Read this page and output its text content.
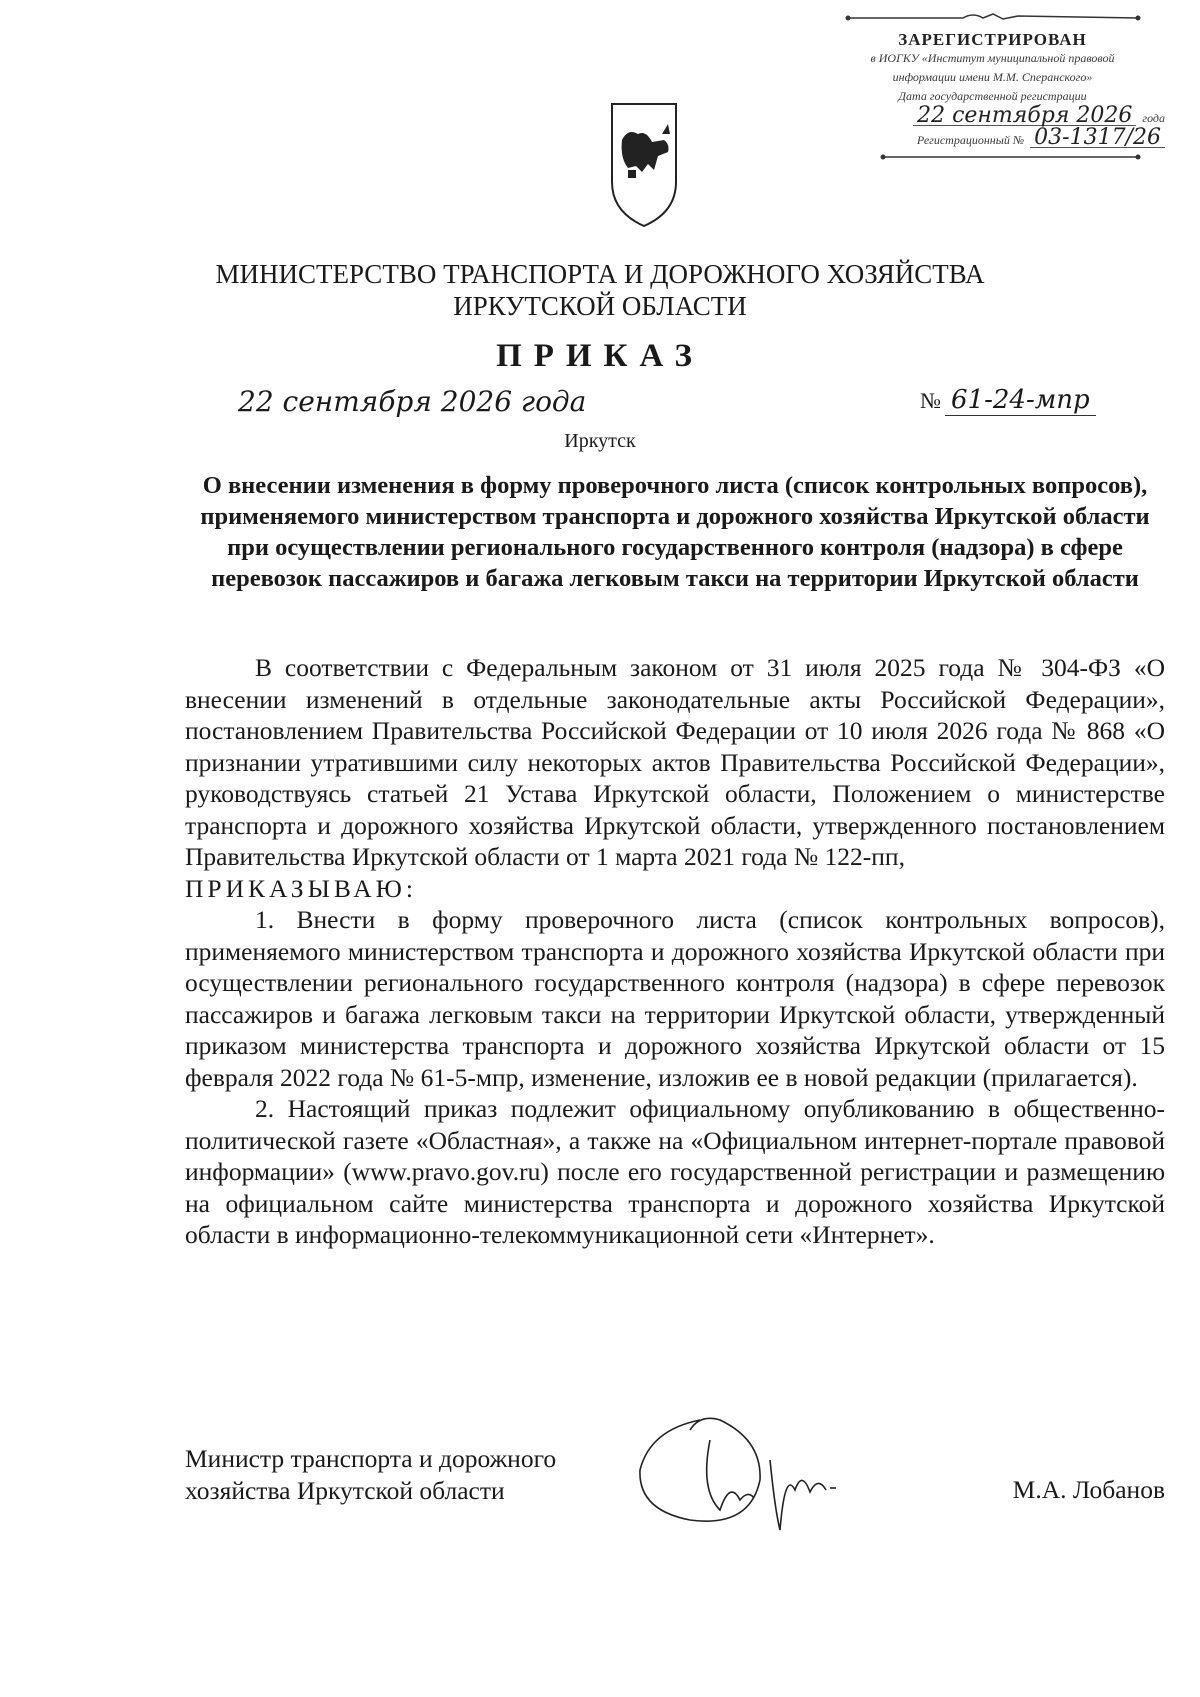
ЗАРЕГИСТРИРОВАН
в ИОГКУ «Институт муниципальной правовой
информации имени М.М. Сперанского»
Дата государственной регистрации
22 сентября 2026 года
Регистрационный № 03-1317/26
МИНИСТЕРСТВО ТРАНСПОРТА И ДОРОЖНОГО ХОЗЯЙСТВА
ИРКУТСКОЙ ОБЛАСТИ
ПРИКАЗ
22 сентября 2026 года	№ 61-24-мпр
Иркутск
О внесении изменения в форму проверочного листа (список контрольных вопросов), применяемого министерством транспорта и дорожного хозяйства Иркутской области при осуществлении регионального государственного контроля (надзора) в сфере перевозок пассажиров и багажа легковым такси на территории Иркутской области

В соответствии с Федеральным законом от 31 июля 2025 года № 304-ФЗ «О внесении изменений в отдельные законодательные акты Российской Федерации», постановлением Правительства Российской Федерации от 10 июля 2026 года № 868 «О признании утратившими силу некоторых актов Правительства Российской Федерации», руководствуясь статьей 21 Устава Иркутской области, Положением о министерстве транспорта и дорожного хозяйства Иркутской области, утвержденного постановлением Правительства Иркутской области от 1 марта 2021 года № 122-пп,

ПРИКАЗЫВАЮ:

1. Внести в форму проверочного листа (список контрольных вопросов), применяемого министерством транспорта и дорожного хозяйства Иркутской области при осуществлении регионального государственного контроля (надзора) в сфере перевозок пассажиров и багажа легковым такси на территории Иркутской области, утвержденный приказом министерства транспорта и дорожного хозяйства Иркутской области от 15 февраля 2022 года № 61-5-мпр, изменение, изложив ее в новой редакции (прилагается).

2. Настоящий приказ подлежит официальному опубликованию в общественно-политической газете «Областная», а также на «Официальном интернет-портале правовой информации» (www.pravo.gov.ru) после его государственной регистрации и размещению на официальном сайте министерства транспорта и дорожного хозяйства Иркутской области в информационно-телекоммуникационной сети «Интернет».

Министр транспорта и дорожного
хозяйства Иркутской области	М.А. Лобанов
